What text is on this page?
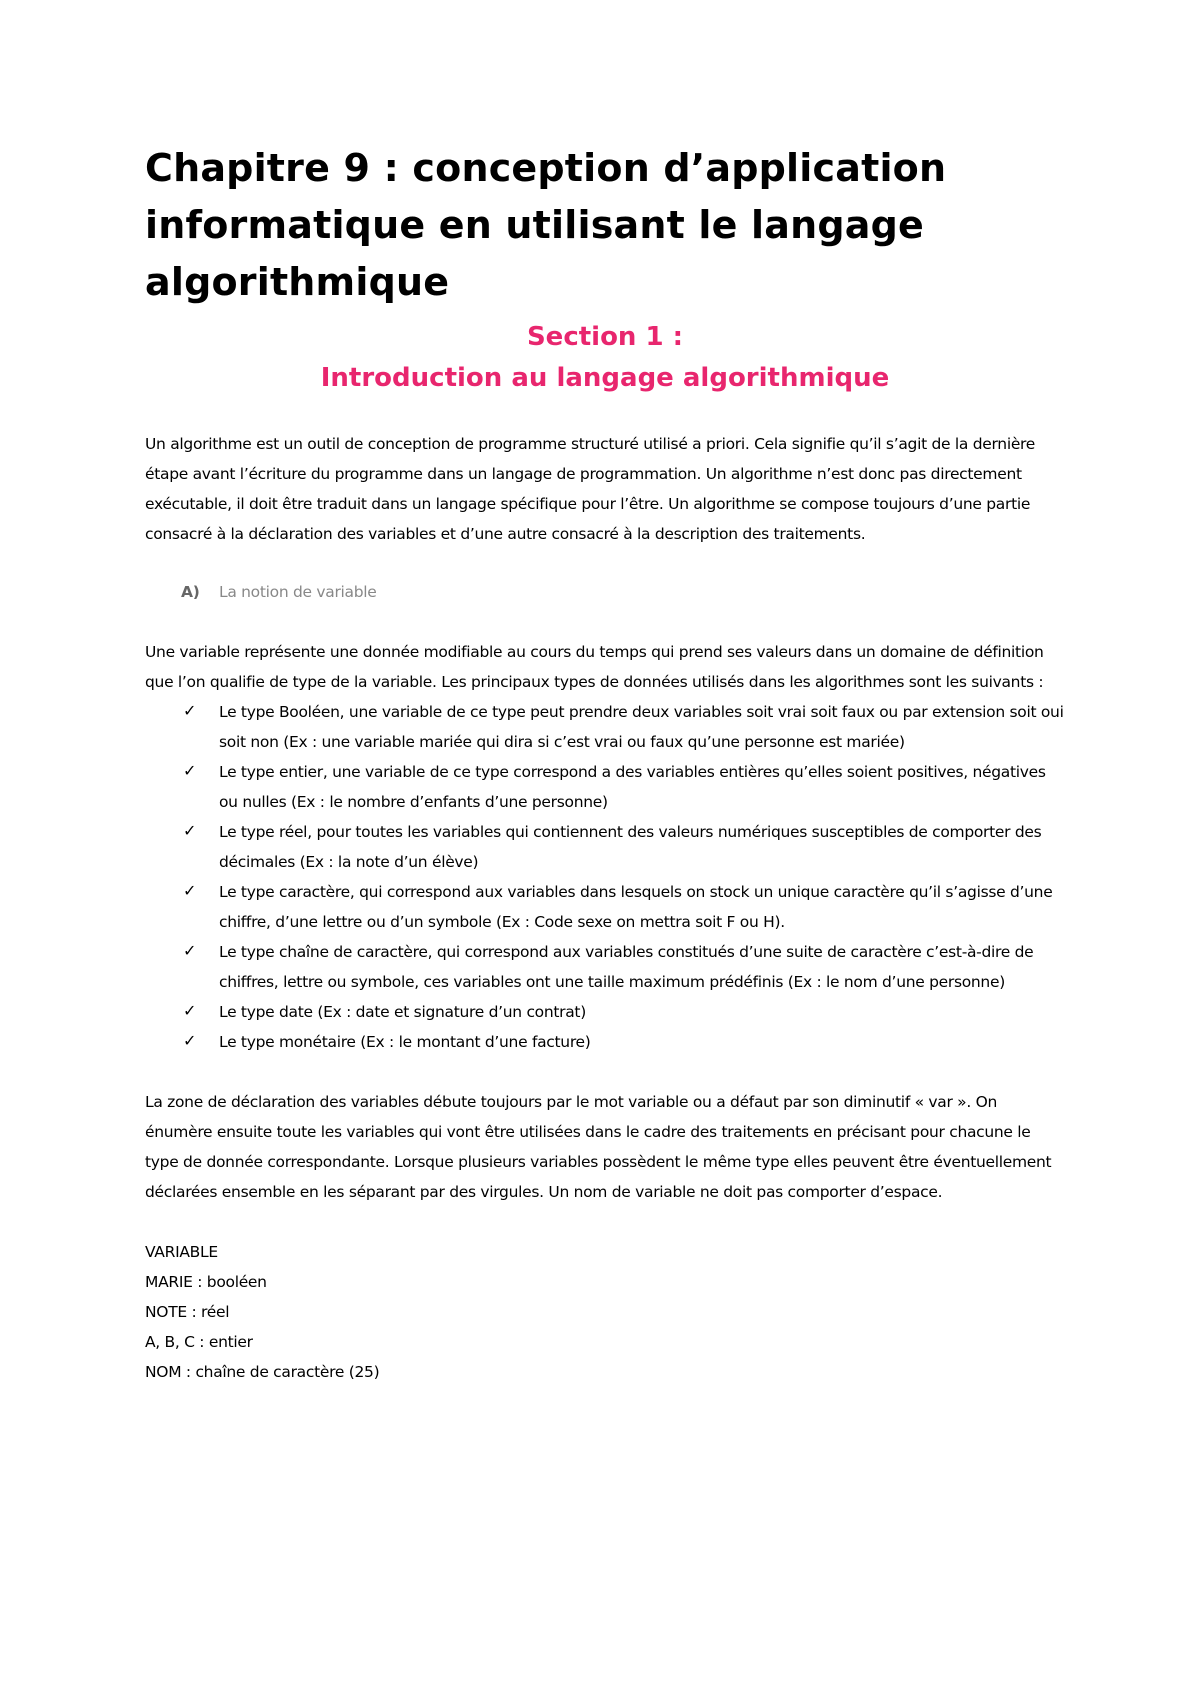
Chapitre 9 : conception d’application informatique en utilisant le langage algorithmique
Section 1 :
Introduction au langage algorithmique

Un algorithme est un outil de conception de programme structuré utilisé a priori. Cela signifie qu’il s’agit de la dernière étape avant l’écriture du programme dans un langage de programmation. Un algorithme n’est donc pas directement exécutable, il doit être traduit dans un langage spécifique pour l’être. Un algorithme se compose toujours d’une partie consacré à la déclaration des variables et d’une autre consacré à la description des traitements.

A) La notion de variable

Une variable représente une donnée modifiable au cours du temps qui prend ses valeurs dans un domaine de définition que l’on qualifie de type de la variable. Les principaux types de données utilisés dans les algorithmes sont les suivants :

✓	Le type Booléen, une variable de ce type peut prendre deux variables soit vrai soit faux ou par extension soit oui soit non (Ex : une variable mariée qui dira si c’est vrai ou faux qu’une personne est mariée)
✓	Le type entier, une variable de ce type correspond a des variables entières qu’elles soient positives, négatives ou nulles (Ex : le nombre d’enfants d’une personne)
✓	Le type réel, pour toutes les variables qui contiennent des valeurs numériques susceptibles de comporter des décimales (Ex : la note d’un élève)
✓	Le type caractère, qui correspond aux variables dans lesquels on stock un unique caractère qu’il s’agisse d’une chiffre, d’une lettre ou d’un symbole (Ex : Code sexe on mettra soit F ou H).
✓	Le type chaîne de caractère, qui correspond aux variables constitués d’une suite de caractère c’est-à-dire de chiffres, lettre ou symbole, ces variables ont une taille maximum prédéfinis (Ex : le nom d’une personne)
✓	Le type date (Ex : date et signature d’un contrat)
✓	Le type monétaire (Ex : le montant d’une facture)

La zone de déclaration des variables débute toujours par le mot variable ou a défaut par son diminutif « var ». On énumère ensuite toute les variables qui vont être utilisées dans le cadre des traitements en précisant pour chacune le type de donnée correspondante. Lorsque plusieurs variables possèdent le même type elles peuvent être éventuellement déclarées ensemble en les séparant par des virgules. Un nom de variable ne doit pas comporter d’espace.

VARIABLE

MARIE : booléen

NOTE : réel

A, B, C : entier

NOM : chaîne de caractère (25)
